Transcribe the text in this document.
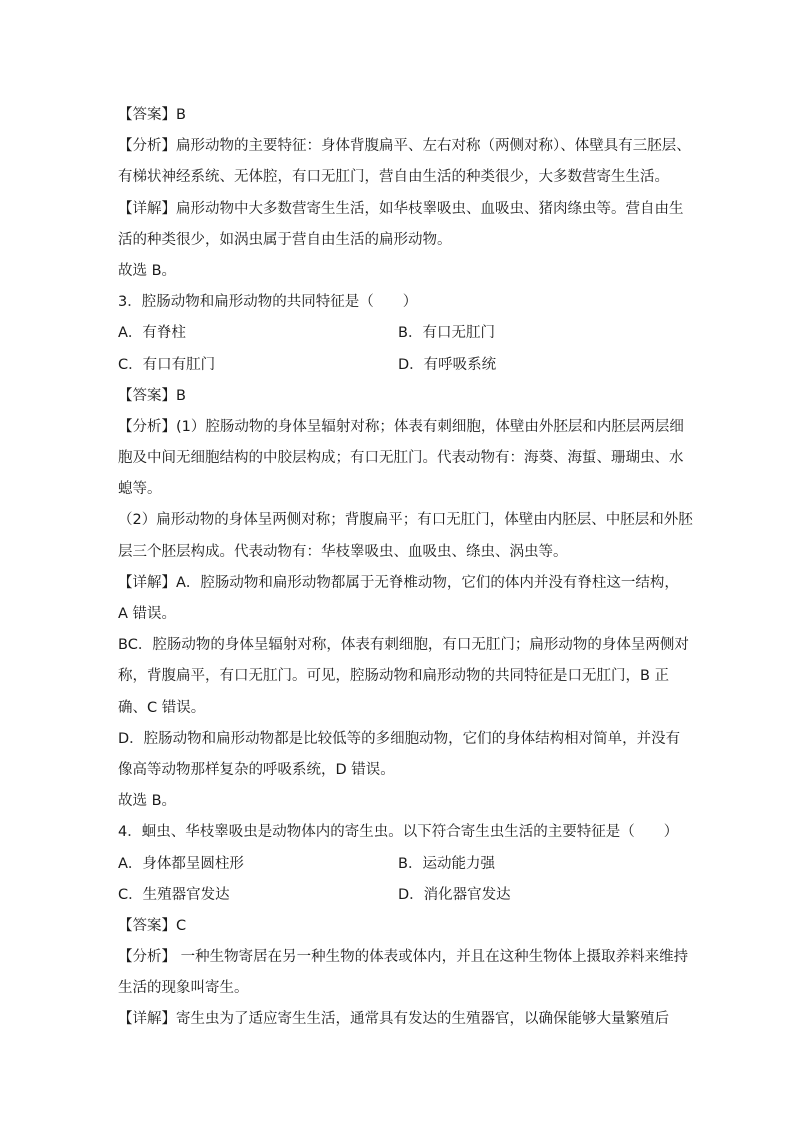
【答案】B
【分析】扁形动物的主要特征：身体背腹扁平、左右对称（两侧对称）、体壁具有三胚层、
有梯状神经系统、无体腔，有口无肛门，营自由生活的种类很少，大多数营寄生生活。
【详解】扁形动物中大多数营寄生生活，如华枝睾吸虫、血吸虫、猪肉绦虫等。营自由生
活的种类很少，如涡虫属于营自由生活的扁形动物。
故选 B。
3．腔肠动物和扁形动物的共同特征是（　　）
A．有脊柱	B．有口无肛门
C．有口有肛门	D．有呼吸系统
【答案】B
【分析】(1）腔肠动物的身体呈辐射对称；体表有刺细胞，体壁由外胚层和内胚层两层细
胞及中间无细胞结构的中胶层构成；有口无肛门。代表动物有：海葵、海蜇、珊瑚虫、水
螅等。
（2）扁形动物的身体呈两侧对称；背腹扁平；有口无肛门，体壁由内胚层、中胚层和外胚
层三个胚层构成。代表动物有：华枝睾吸虫、血吸虫、绦虫、涡虫等。
【详解】A．腔肠动物和扁形动物都属于无脊椎动物，它们的体内并没有脊柱这一结构，
A 错误。
BC．腔肠动物的身体呈辐射对称，体表有刺细胞，有口无肛门；扁形动物的身体呈两侧对
称，背腹扁平，有口无肛门。可见，腔肠动物和扁形动物的共同特征是口无肛门，B 正
确、C 错误。
D．腔肠动物和扁形动物都是比较低等的多细胞动物，它们的身体结构相对简单，并没有
像高等动物那样复杂的呼吸系统，D 错误。
故选 B。
4．蛔虫、华枝睾吸虫是动物体内的寄生虫。以下符合寄生虫生活的主要特征是（　　）
A．身体都呈圆柱形	B．运动能力强
C．生殖器官发达	D．消化器官发达
【答案】C
【分析】 一种生物寄居在另一种生物的体表或体内，并且在这种生物体上摄取养料来维持
生活的现象叫寄生。
【详解】寄生虫为了适应寄生生活，通常具有发达的生殖器官，以确保能够大量繁殖后
